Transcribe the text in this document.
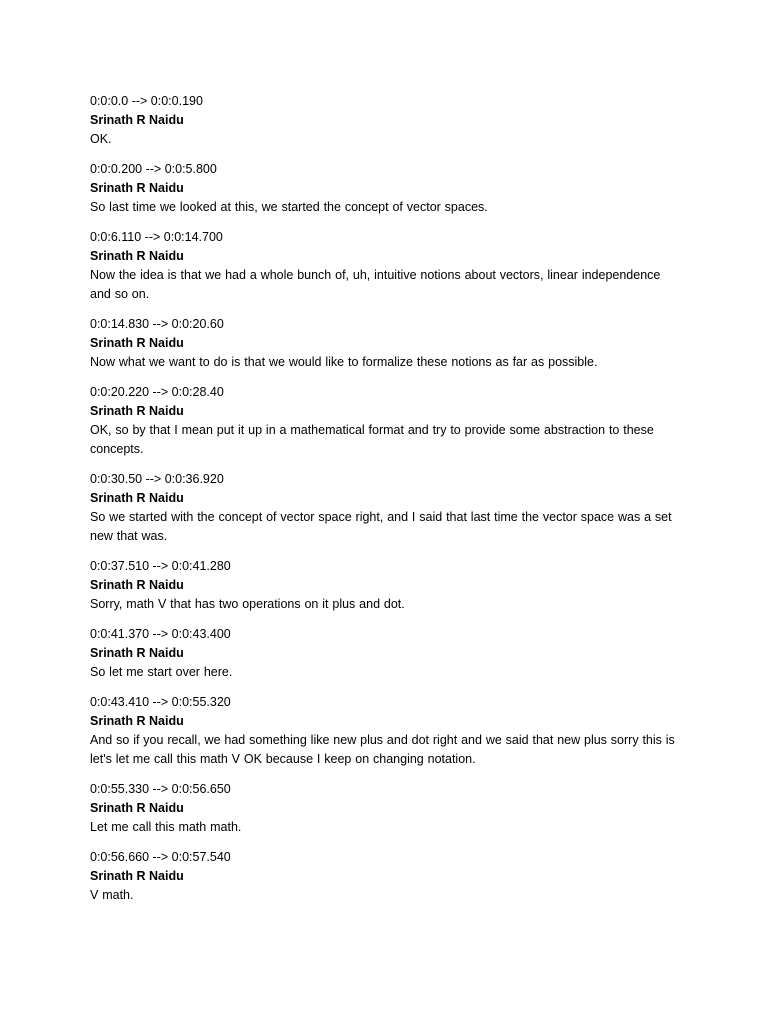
0:0:0.0 --> 0:0:0.190
Srinath R Naidu
OK.
0:0:0.200 --> 0:0:5.800
Srinath R Naidu
So last time we looked at this, we started the concept of vector spaces.
0:0:6.110 --> 0:0:14.700
Srinath R Naidu
Now the idea is that we had a whole bunch of, uh, intuitive notions about vectors, linear independence and so on.
0:0:14.830 --> 0:0:20.60
Srinath R Naidu
Now what we want to do is that we would like to formalize these notions as far as possible.
0:0:20.220 --> 0:0:28.40
Srinath R Naidu
OK, so by that I mean put it up in a mathematical format and try to provide some abstraction to these concepts.
0:0:30.50 --> 0:0:36.920
Srinath R Naidu
So we started with the concept of vector space right, and I said that last time the vector space was a set new that was.
0:0:37.510 --> 0:0:41.280
Srinath R Naidu
Sorry, math V that has two operations on it plus and dot.
0:0:41.370 --> 0:0:43.400
Srinath R Naidu
So let me start over here.
0:0:43.410 --> 0:0:55.320
Srinath R Naidu
And so if you recall, we had something like new plus and dot right and we said that new plus sorry this is let's let me call this math V OK because I keep on changing notation.
0:0:55.330 --> 0:0:56.650
Srinath R Naidu
Let me call this math math.
0:0:56.660 --> 0:0:57.540
Srinath R Naidu
V math.
